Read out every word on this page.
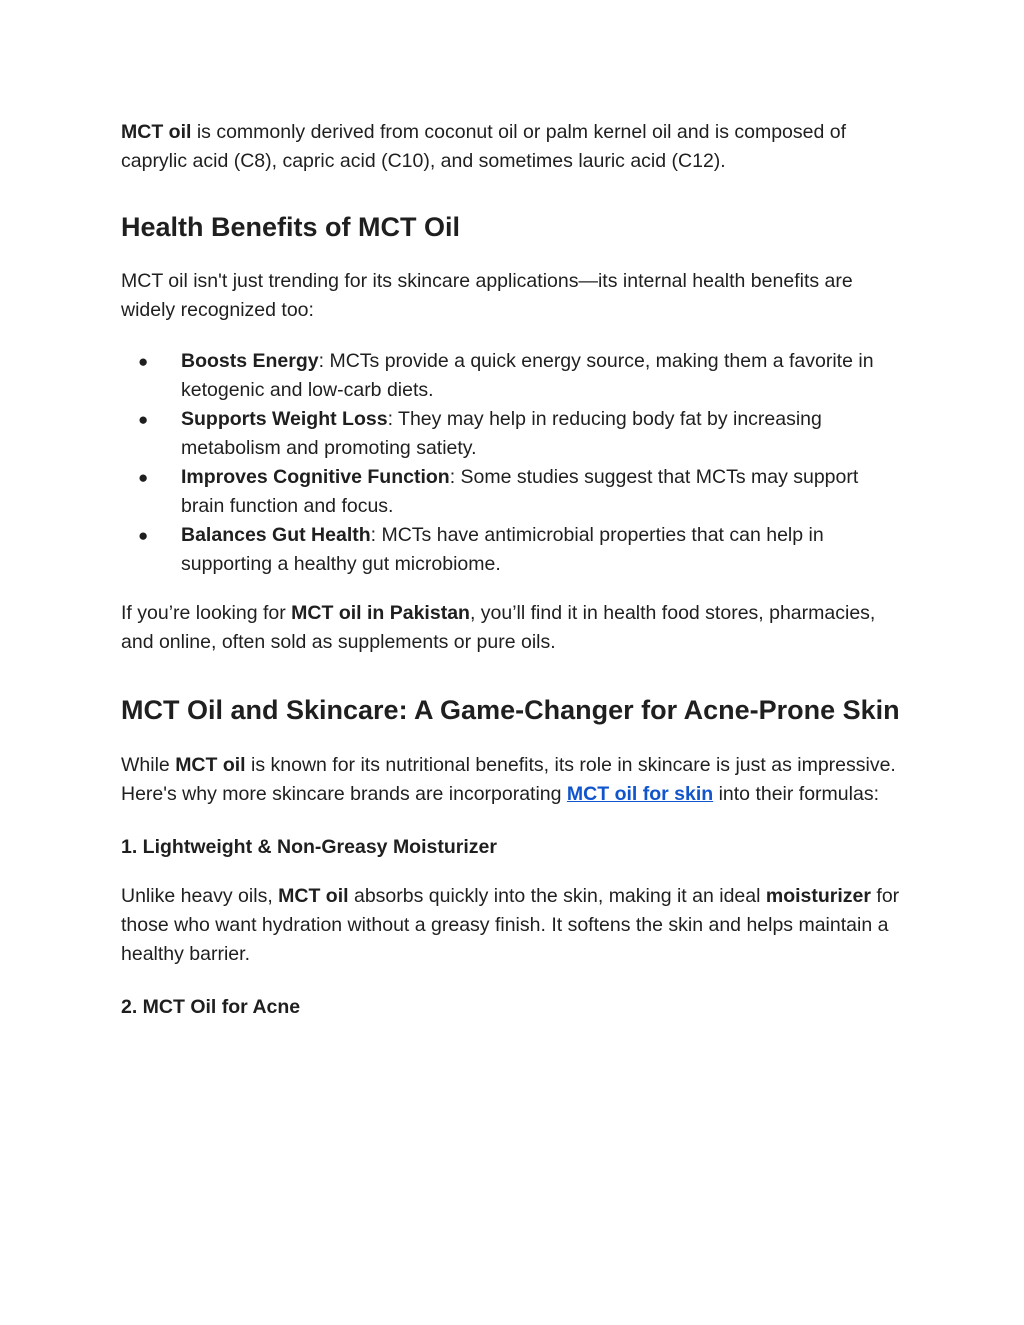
MCT oil is commonly derived from coconut oil or palm kernel oil and is composed of caprylic acid (C8), capric acid (C10), and sometimes lauric acid (C12).

Health Benefits of MCT Oil

MCT oil isn't just trending for its skincare applications—its internal health benefits are widely recognized too:

● Boosts Energy: MCTs provide a quick energy source, making them a favorite in ketogenic and low-carb diets.
● Supports Weight Loss: They may help in reducing body fat by increasing metabolism and promoting satiety.
● Improves Cognitive Function: Some studies suggest that MCTs may support brain function and focus.
● Balances Gut Health: MCTs have antimicrobial properties that can help in supporting a healthy gut microbiome.

If you’re looking for MCT oil in Pakistan, you’ll find it in health food stores, pharmacies, and online, often sold as supplements or pure oils.

MCT Oil and Skincare: A Game-Changer for Acne-Prone Skin

While MCT oil is known for its nutritional benefits, its role in skincare is just as impressive. Here's why more skincare brands are incorporating MCT oil for skin into their formulas:

1. Lightweight & Non-Greasy Moisturizer

Unlike heavy oils, MCT oil absorbs quickly into the skin, making it an ideal moisturizer for those who want hydration without a greasy finish. It softens the skin and helps maintain a healthy barrier.

2. MCT Oil for Acne
